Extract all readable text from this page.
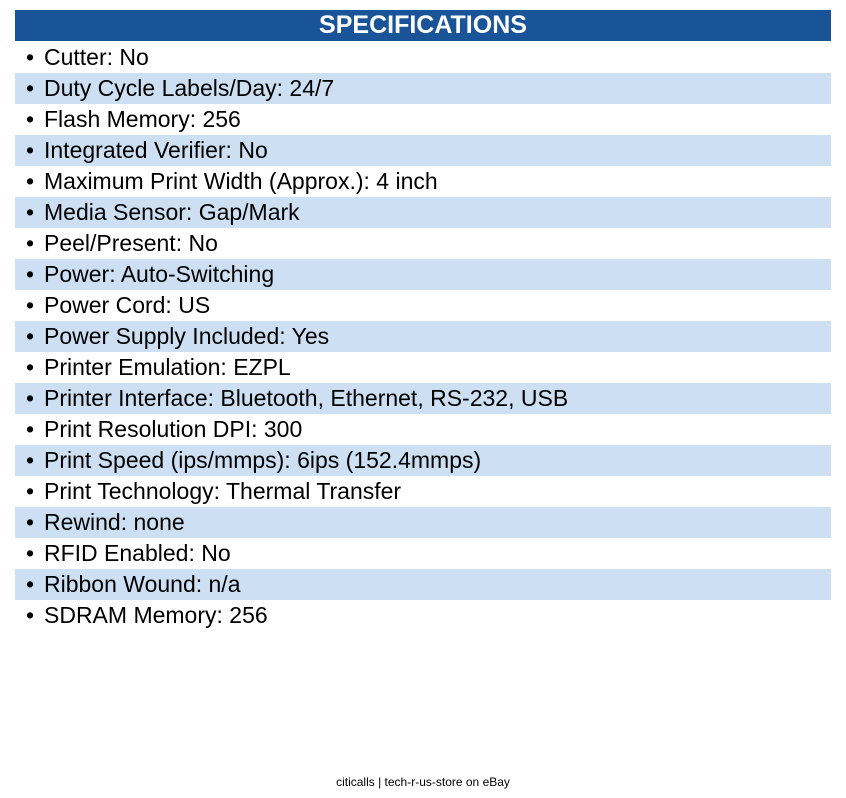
SPECIFICATIONS
• Cutter: No
• Duty Cycle Labels/Day: 24/7
• Flash Memory: 256
• Integrated Verifier: No
• Maximum Print Width (Approx.): 4 inch
• Media Sensor: Gap/Mark
• Peel/Present: No
• Power: Auto-Switching
• Power Cord: US
• Power Supply Included: Yes
• Printer Emulation: EZPL
• Printer Interface: Bluetooth, Ethernet, RS-232, USB
• Print Resolution DPI: 300
• Print Speed (ips/mmps): 6ips (152.4mmps)
• Print Technology: Thermal Transfer
• Rewind: none
• RFID Enabled: No
• Ribbon Wound: n/a
• SDRAM Memory: 256
citicalls | tech-r-us-store on eBay
